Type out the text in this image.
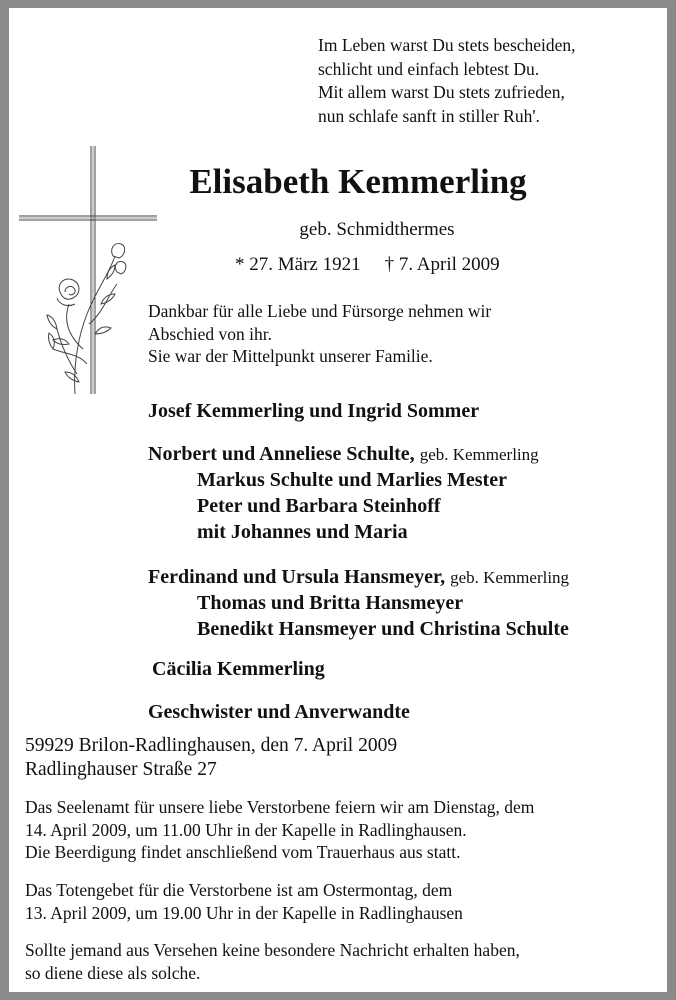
Im Leben warst Du stets bescheiden,
schlicht und einfach lebtest Du.
Mit allem warst Du stets zufrieden,
nun schlafe sanft in stiller Ruh'.
Elisabeth Kemmerling
geb. Schmidthermes
* 27. März 1921 † 7. April 2009
Dankbar für alle Liebe und Fürsorge nehmen wir
Abschied von ihr.
Sie war der Mittelpunkt unserer Familie.
Josef Kemmerling und Ingrid Sommer
Norbert und Anneliese Schulte, geb. Kemmerling
Markus Schulte und Marlies Mester
Peter und Barbara Steinhoff
mit Johannes und Maria
Ferdinand und Ursula Hansmeyer, geb. Kemmerling
Thomas und Britta Hansmeyer
Benedikt Hansmeyer und Christina Schulte
Cäcilia Kemmerling
Geschwister und Anverwandte
59929 Brilon-Radlinghausen, den 7. April 2009
Radlinghauser Straße 27
Das Seelenamt für unsere liebe Verstorbene feiern wir am Dienstag, dem
14. April 2009, um 11.00 Uhr in der Kapelle in Radlinghausen.
Die Beerdigung findet anschließend vom Trauerhaus aus statt.
Das Totengebet für die Verstorbene ist am Ostermontag, dem
13. April 2009, um 19.00 Uhr in der Kapelle in Radlinghausen
Sollte jemand aus Versehen keine besondere Nachricht erhalten haben,
so diene diese als solche.
